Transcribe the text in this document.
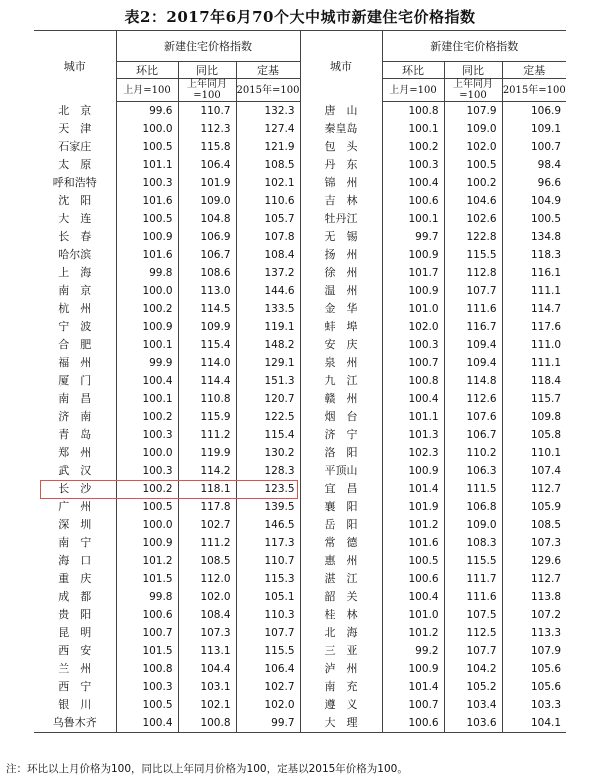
表2：2017年6月70个大中城市新建住宅价格指数
城市	新建住宅价格指数			城市	新建住宅价格指数		
	环比	同比	定基		环比	同比	定基
	上月=100	上年同月=100	2015年=100		上月=100	上年同月=100	2015年=100
北　京	99.6	110.7	132.3	唐　山	100.8	107.9	106.9
天　津	100.0	112.3	127.4	秦皇岛	100.1	109.0	109.1
石家庄	100.5	115.8	121.9	包　头	100.2	102.0	100.7
太　原	101.1	106.4	108.5	丹　东	100.3	100.5	98.4
呼和浩特	100.3	101.9	102.1	锦　州	100.4	100.2	96.6
沈　阳	101.6	109.0	110.6	吉　林	100.6	104.6	104.9
大　连	100.5	104.8	105.7	牡丹江	100.1	102.6	100.5
长　春	100.9	106.9	107.8	无　锡	99.7	122.8	134.8
哈尔滨	101.6	106.7	108.4	扬　州	100.9	115.5	118.3
上　海	99.8	108.6	137.2	徐　州	101.7	112.8	116.1
南　京	100.0	113.0	144.6	温　州	100.9	107.7	111.1
杭　州	100.2	114.5	133.5	金　华	101.0	111.6	114.7
宁　波	100.9	109.9	119.1	蚌　埠	102.0	116.7	117.6
合　肥	100.1	115.4	148.2	安　庆	100.3	109.4	111.0
福　州	99.9	114.0	129.1	泉　州	100.7	109.4	111.1
厦　门	100.4	114.4	151.3	九　江	100.8	114.8	118.4
南　昌	100.1	110.8	120.7	赣　州	100.4	112.6	115.7
济　南	100.2	115.9	122.5	烟　台	101.1	107.6	109.8
青　岛	100.3	111.2	115.4	济　宁	101.3	106.7	105.8
郑　州	100.0	119.9	130.2	洛　阳	102.3	110.2	110.1
武　汉	100.3	114.2	128.3	平顶山	100.9	106.3	107.4
长　沙	100.2	118.1	123.5	宜　昌	101.4	111.5	112.7
广　州	100.5	117.8	139.5	襄　阳	101.9	106.8	105.9
深　圳	100.0	102.7	146.5	岳　阳	101.2	109.0	108.5
南　宁	100.9	111.2	117.3	常　德	101.6	108.3	107.3
海　口	101.2	108.5	110.7	惠　州	100.5	115.5	129.6
重　庆	101.5	112.0	115.3	湛　江	100.6	111.7	112.7
成　都	99.8	102.0	105.1	韶　关	100.4	111.6	113.8
贵　阳	100.6	108.4	110.3	桂　林	101.0	107.5	107.2
昆　明	100.7	107.3	107.7	北　海	101.2	112.5	113.3
西　安	101.5	113.1	115.5	三　亚	99.2	107.7	107.9
兰　州	100.8	104.4	106.4	泸　州	100.9	104.2	105.6
西　宁	100.3	103.1	102.7	南　充	101.4	105.2	105.6
银　川	100.5	102.1	102.0	遵　义	100.7	103.4	103.3
乌鲁木齐	100.4	100.8	99.7	大　理	100.6	103.6	104.1
注：环比以上月价格为100，同比以上年同月价格为100，定基以2015年价格为100。
